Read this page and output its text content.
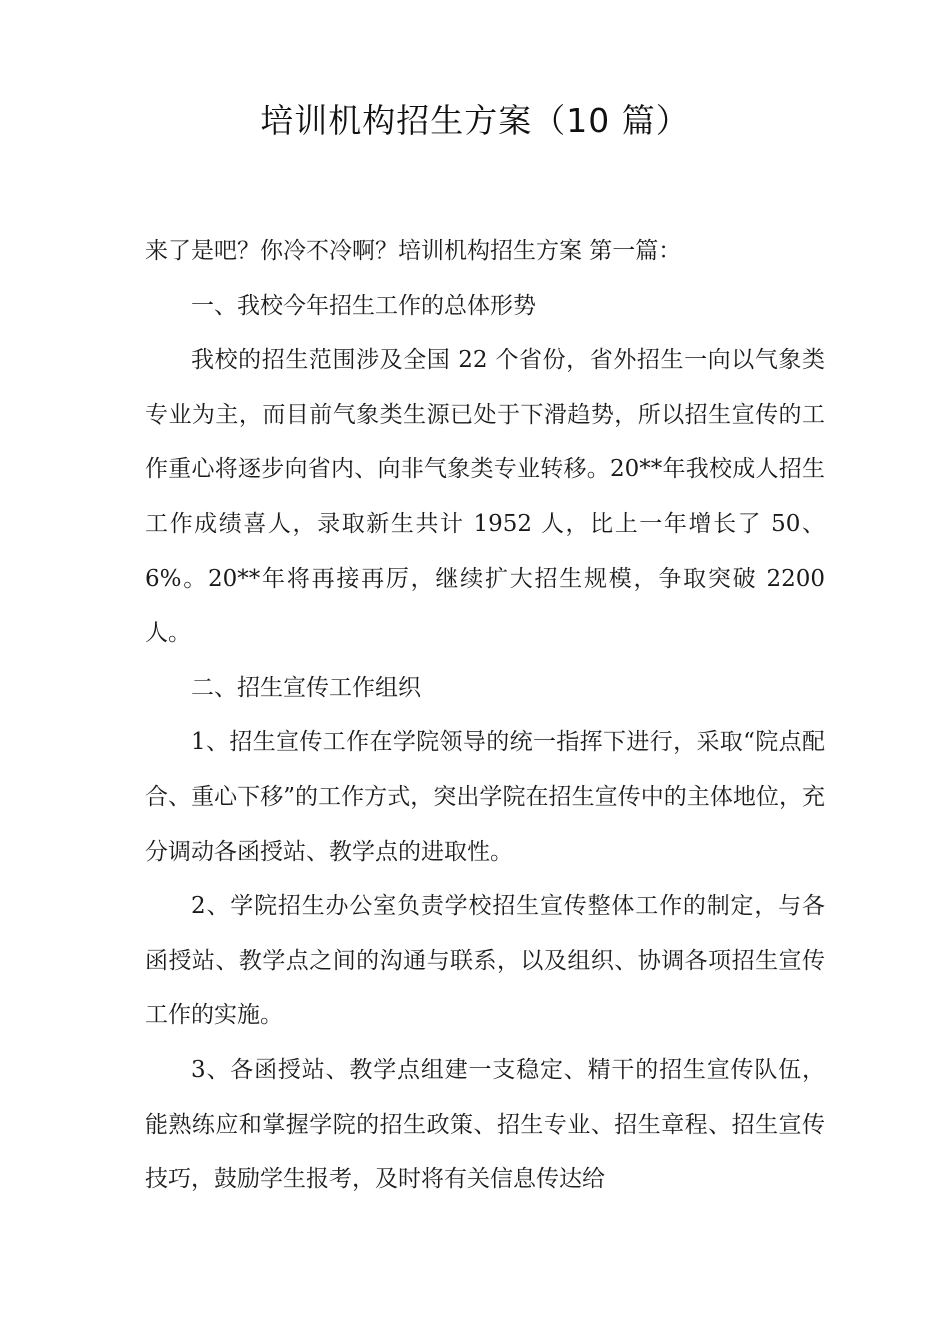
培训机构招生方案（10 篇）

来了是吧？你冷不冷啊？培训机构招生方案 第一篇：

一、我校今年招生工作的总体形势

我校的招生范围涉及全国 22 个省份，省外招生一向以气象类专业为主，而目前气象类生源已处于下滑趋势，所以招生宣传的工作重心将逐步向省内、向非气象类专业转移。20**年我校成人招生工作成绩喜人，录取新生共计 1952 人，比上一年增长了 50、6%。20**年将再接再厉，继续扩大招生规模，争取突破 2200 人。

二、招生宣传工作组织

1、招生宣传工作在学院领导的统一指挥下进行，采取“院点配合、重心下移”的工作方式，突出学院在招生宣传中的主体地位，充分调动各函授站、教学点的进取性。

2、学院招生办公室负责学校招生宣传整体工作的制定，与各函授站、教学点之间的沟通与联系，以及组织、协调各项招生宣传工作的实施。

3、各函授站、教学点组建一支稳定、精干的招生宣传队伍，能熟练应和掌握学院的招生政策、招生专业、招生章程、招生宣传技巧，鼓励学生报考，及时将有关信息传达给
